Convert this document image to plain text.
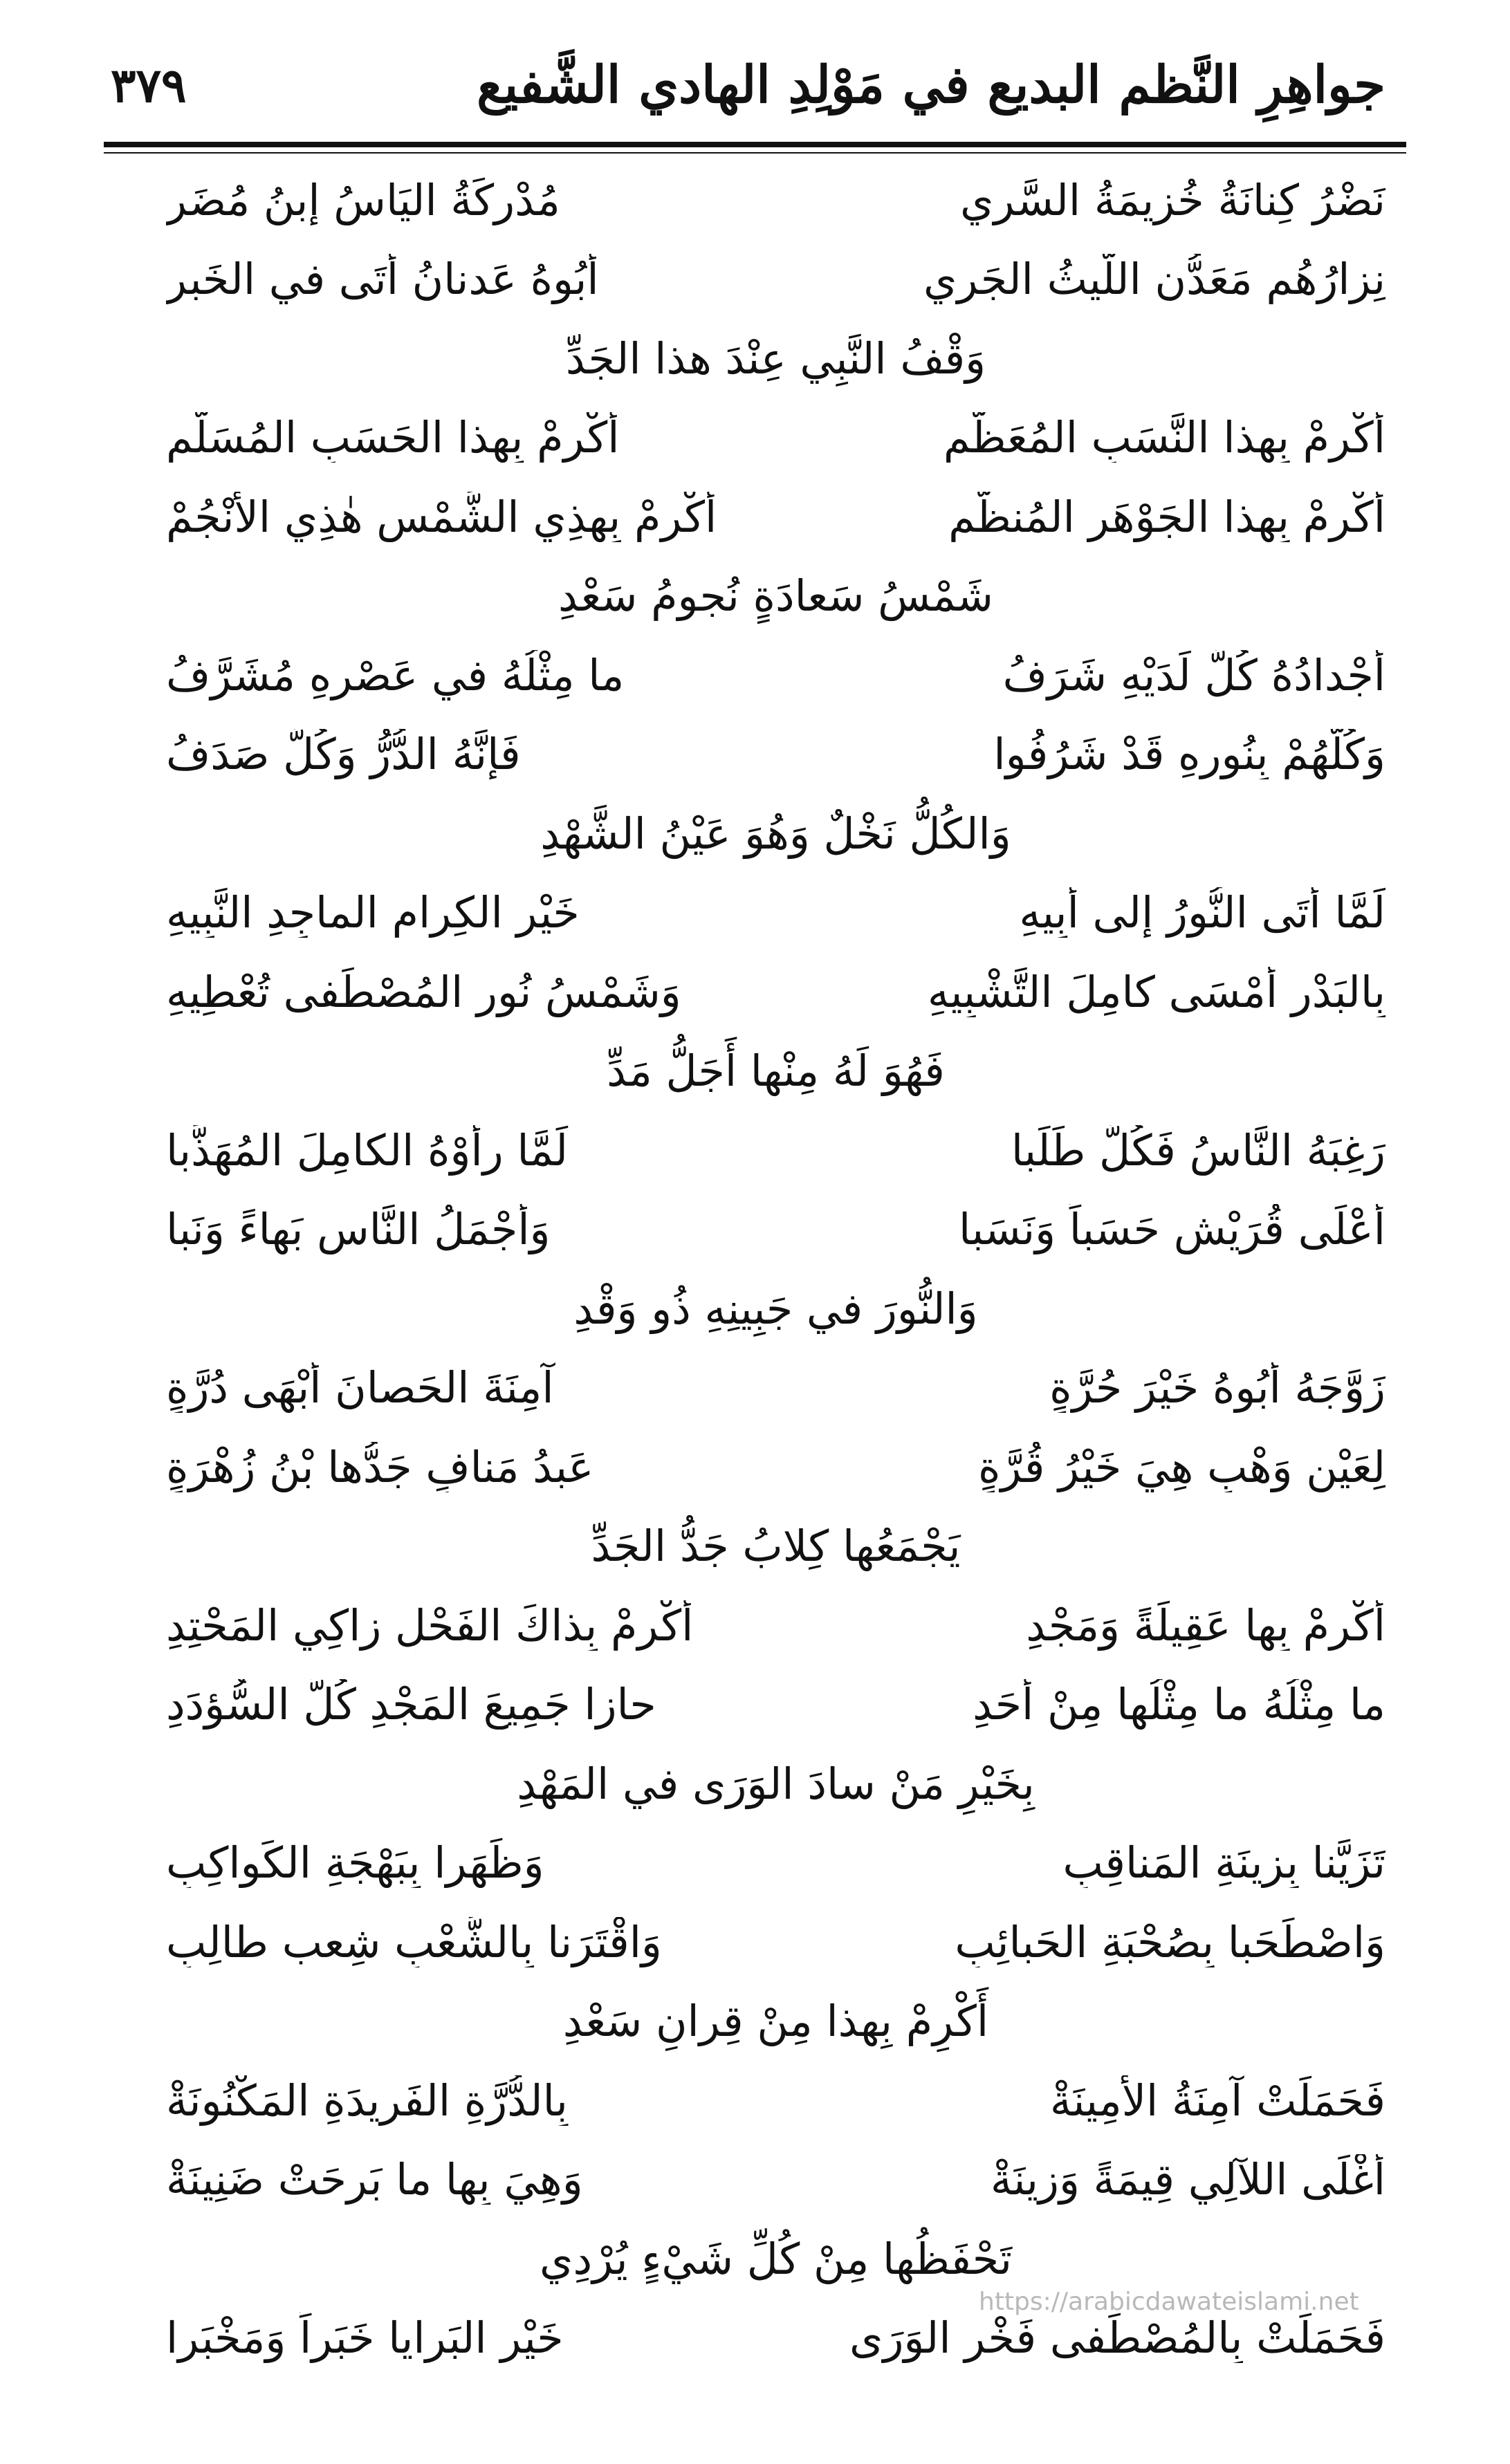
جواهِرِ النَّظم البديع في مَوْلِدِ الهادي الشَّفيع
٣٧٩
نَضْرُ كِنانَةُ خُزيمَةُ السَّرِي
مُدْرِكَةُ اليَاسُ إِبنُ مُضَرِ
نِزارُهُم مَعَدُّن اللَّيثُ الجَرِي
أَبُوهُ عَدنانُ أتَى في الخَبرِ
وَقْفُ النَّبِي عِنْدَ هذا الجَدِّ
أَكْرِمْ بِهذا النَّسَبِ المُعَظَّمِ
أَكْرِمْ بِهذا الحَسَبِ المُسَلَّمِ
أَكْرِمْ بِهذا الجَوْهَرِ المُنظَّمِ
أَكْرِمْ بِهذِي الشَّمْسِ هٰذِي الأَنْجُمْ
شَمْسُ سَعادَةٍ نُجومُ سَعْدِ
أَجْدادُهُ كُلٌّ لَدَيْهِ شَرَفُ
ما مِثْلُهُ في عَصْرِهِ مُشَرَّفُ
وَكُلُّهُمْ بِنُورِهِ قَدْ شَرُفُوا
فَإِنَّهُ الدُّرُّ وَكُلٌّ صَدَفُ
وَالكُلُّ نَخْلٌ وَهُوَ عَيْنُ الشَّهْدِ
لَمَّا أَتَى النُّورُ إِلى أَبِيهِ
خَيْرِ الكِرامِ الماجِدِ النَّبِيهِ
بِالبَدْرِ أَمْسَى كامِلَ التَّشْبِيهِ
وَشَمْسُ نُورِ المُصْطَفى تُعْطِيهِ
فَهُوَ لَهُ مِنْها أَجَلُّ مَدِّ
رَغِبَهُ النَّاسُ فَكُلٌّ طَلَبا
لَمَّا رأَوْهُ الكامِلَ المُهَذَّبا
أَعْلَى قُرَيْشٍ حَسَباً وَنَسَبا
وَأَجْمَلُ النَّاسِ بَهاءً وَنَبا
وَالنُّورَ في جَبِينِهِ ذُو وَقْدِ
زَوَّجَهُ أَبُوهُ خَيْرَ حُرَّةٍ
آمِنَةَ الحَصانَ أَبْهَى دُرَّةٍ
لِعَيْنِ وَهْبٍ هِيَ خَيْرُ قُرَّةٍ
عَبدُ مَنافٍ جَدُّها بْنُ زُهْرَةٍ
يَجْمَعُها كِلابُ جَدُّ الجَدِّ
أَكْرِمْ بِها عَقِيلَةً وَمَجْدِ
أَكْرِمْ بِذاكَ الفَحْلِ زاكِي المَحْتِدِ
ما مِثْلُهُ ما مِثْلُها مِنْ أَحَدِ
حازا جَمِيعَ المَجْدِ كُلَّ السُّؤدَدِ
بِخَيْرِ مَنْ سادَ الوَرَى في المَهْدِ
تَزَيَّنا بِزِينَةِ المَناقِبِ
وَظَهَرا بِبَهْجَةِ الكَواكِبِ
وَاصْطَحَبا بِصُحْبَةِ الحَبائِبِ
وَاقْتَرَنا بِالشُّعْبِ شِعب طالِبِ
أَكْرِمْ بِهذا مِنْ قِرانِ سَعْدِ
فَحَمَلَتْ آمِنَةُ الأَمِينَةْ
بِالدُّرَّةِ الفَرِيدَةِ المَكْنُونَةْ
أَغْلَى اللآلِي قِيمَةً وَزِينَةْ
وَهِيَ بِها ما بَرِحَتْ ضَنِينَةْ
تَحْفَظُها مِنْ كُلِّ شَيْءٍ يُرْدِي
فَحَمَلَتْ بِالمُصْطَفى فَخْرِ الوَرَى
خَيْرِ البَرايا خَبَراً وَمَخْبَرا
https://arabicdawateislami.net
